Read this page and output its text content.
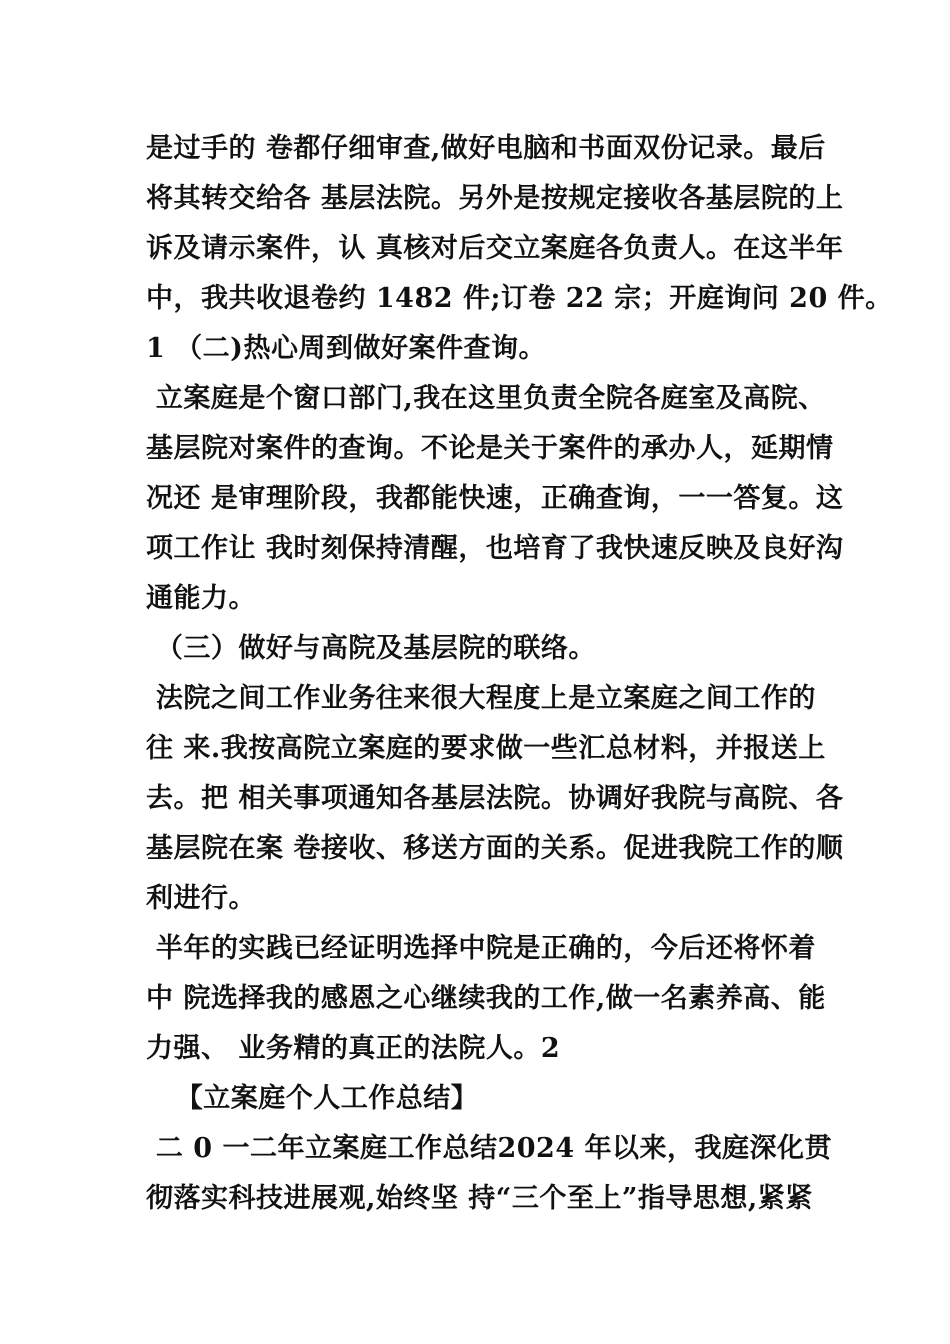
是过手的 卷都仔细审查,做好电脑和书面双份记录。最后
将其转交给各 基层法院。另外是按规定接收各基层院的上
诉及请示案件，认 真核对后交立案庭各负责人。在这半年
中，我共收退卷约 1482 件;订卷 22 宗；开庭询问 20 件。
1 （二)热心周到做好案件查询。
立案庭是个窗口部门,我在这里负责全院各庭室及高院、
基层院对案件的查询。不论是关于案件的承办人，延期情
况还 是审理阶段，我都能快速，正确查询，一一答复。这
项工作让 我时刻保持清醒，也培育了我快速反映及良好沟
通能力。
（三）做好与高院及基层院的联络。
法院之间工作业务往来很大程度上是立案庭之间工作的
往 来.我按高院立案庭的要求做一些汇总材料，并报送上
去。把 相关事项通知各基层法院。协调好我院与高院、各
基层院在案 卷接收、移送方面的关系。促进我院工作的顺
利进行。
半年的实践已经证明选择中院是正确的，今后还将怀着
中 院选择我的感恩之心继续我的工作,做一名素养高、能
力强、 业务精的真正的法院人。2
【立案庭个人工作总结】
二 0 一二年立案庭工作总结2024 年以来，我庭深化贯
彻落实科技进展观,始终坚 持“三个至上”指导思想,紧紧
